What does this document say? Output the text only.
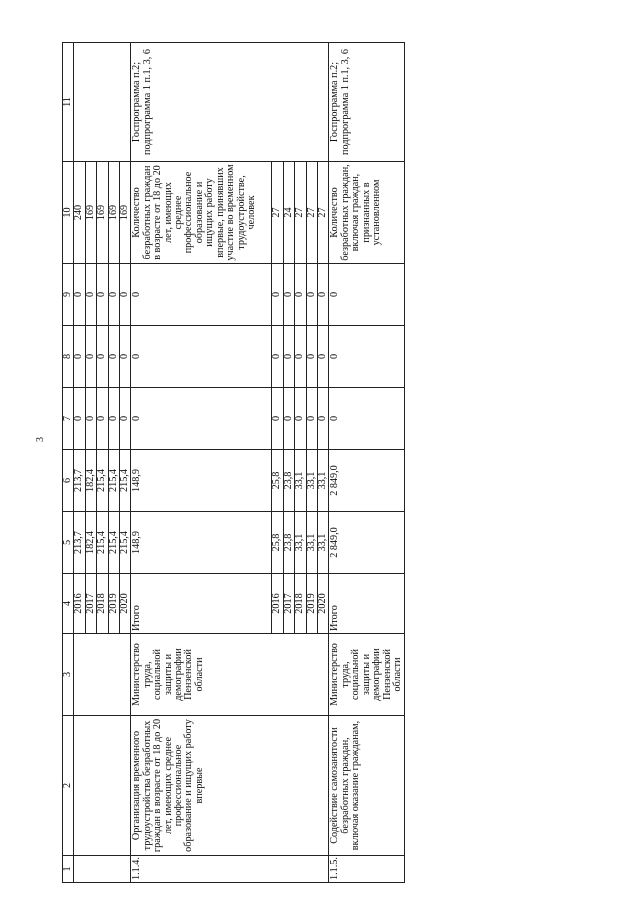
3
1	2	3	4	5	6	7	8	9	10	11
			2016	213,7	213,7	0	0	0	240	
			2017	182,4	182,4	0	0	0	169	
			2018	215,4	215,4	0	0	0	169	
			2019	215,4	215,4	0	0	0	169	
			2020	215,4	215,4	0	0	0	169	
1.1.4.	Организация временного трудоустройства безработных граждан в возрасте от 18 до 20 лет, имеющих среднее профессиональное образование и ищущих работу впервые	Министерство труда, социальной защиты и демографии Пензенской области	Итого	148,9	148,9	0	0	0	Количество безработных граждан в возрасте от 18 до 20 лет, имеющих среднее профессиональное образование и ищущих работу впервые, принявших участие во временном трудоустройстве, человек	Госпрограмма п.2; подпрограмма 1 п.1, 3, 6
			2016	25,8	25,8	0	0	0	27	
			2017	23,8	23,8	0	0	0	24	
			2018	33,1	33,1	0	0	0	27	
			2019	33,1	33,1	0	0	0	27	
			2020	33,1	33,1	0	0	0	27	
1.1.5.	Содействие самозанятости безработных граждан, включая оказание гражданам,	Министерство труда, социальной защиты и демографии Пензенской области	Итого	2 849,0	2 849,0	0	0	0	Количество безработных граждан, включая граждан, признанных в установленном	Госпрограмма п.2; подпрограмма 1 п.1, 3, 6
